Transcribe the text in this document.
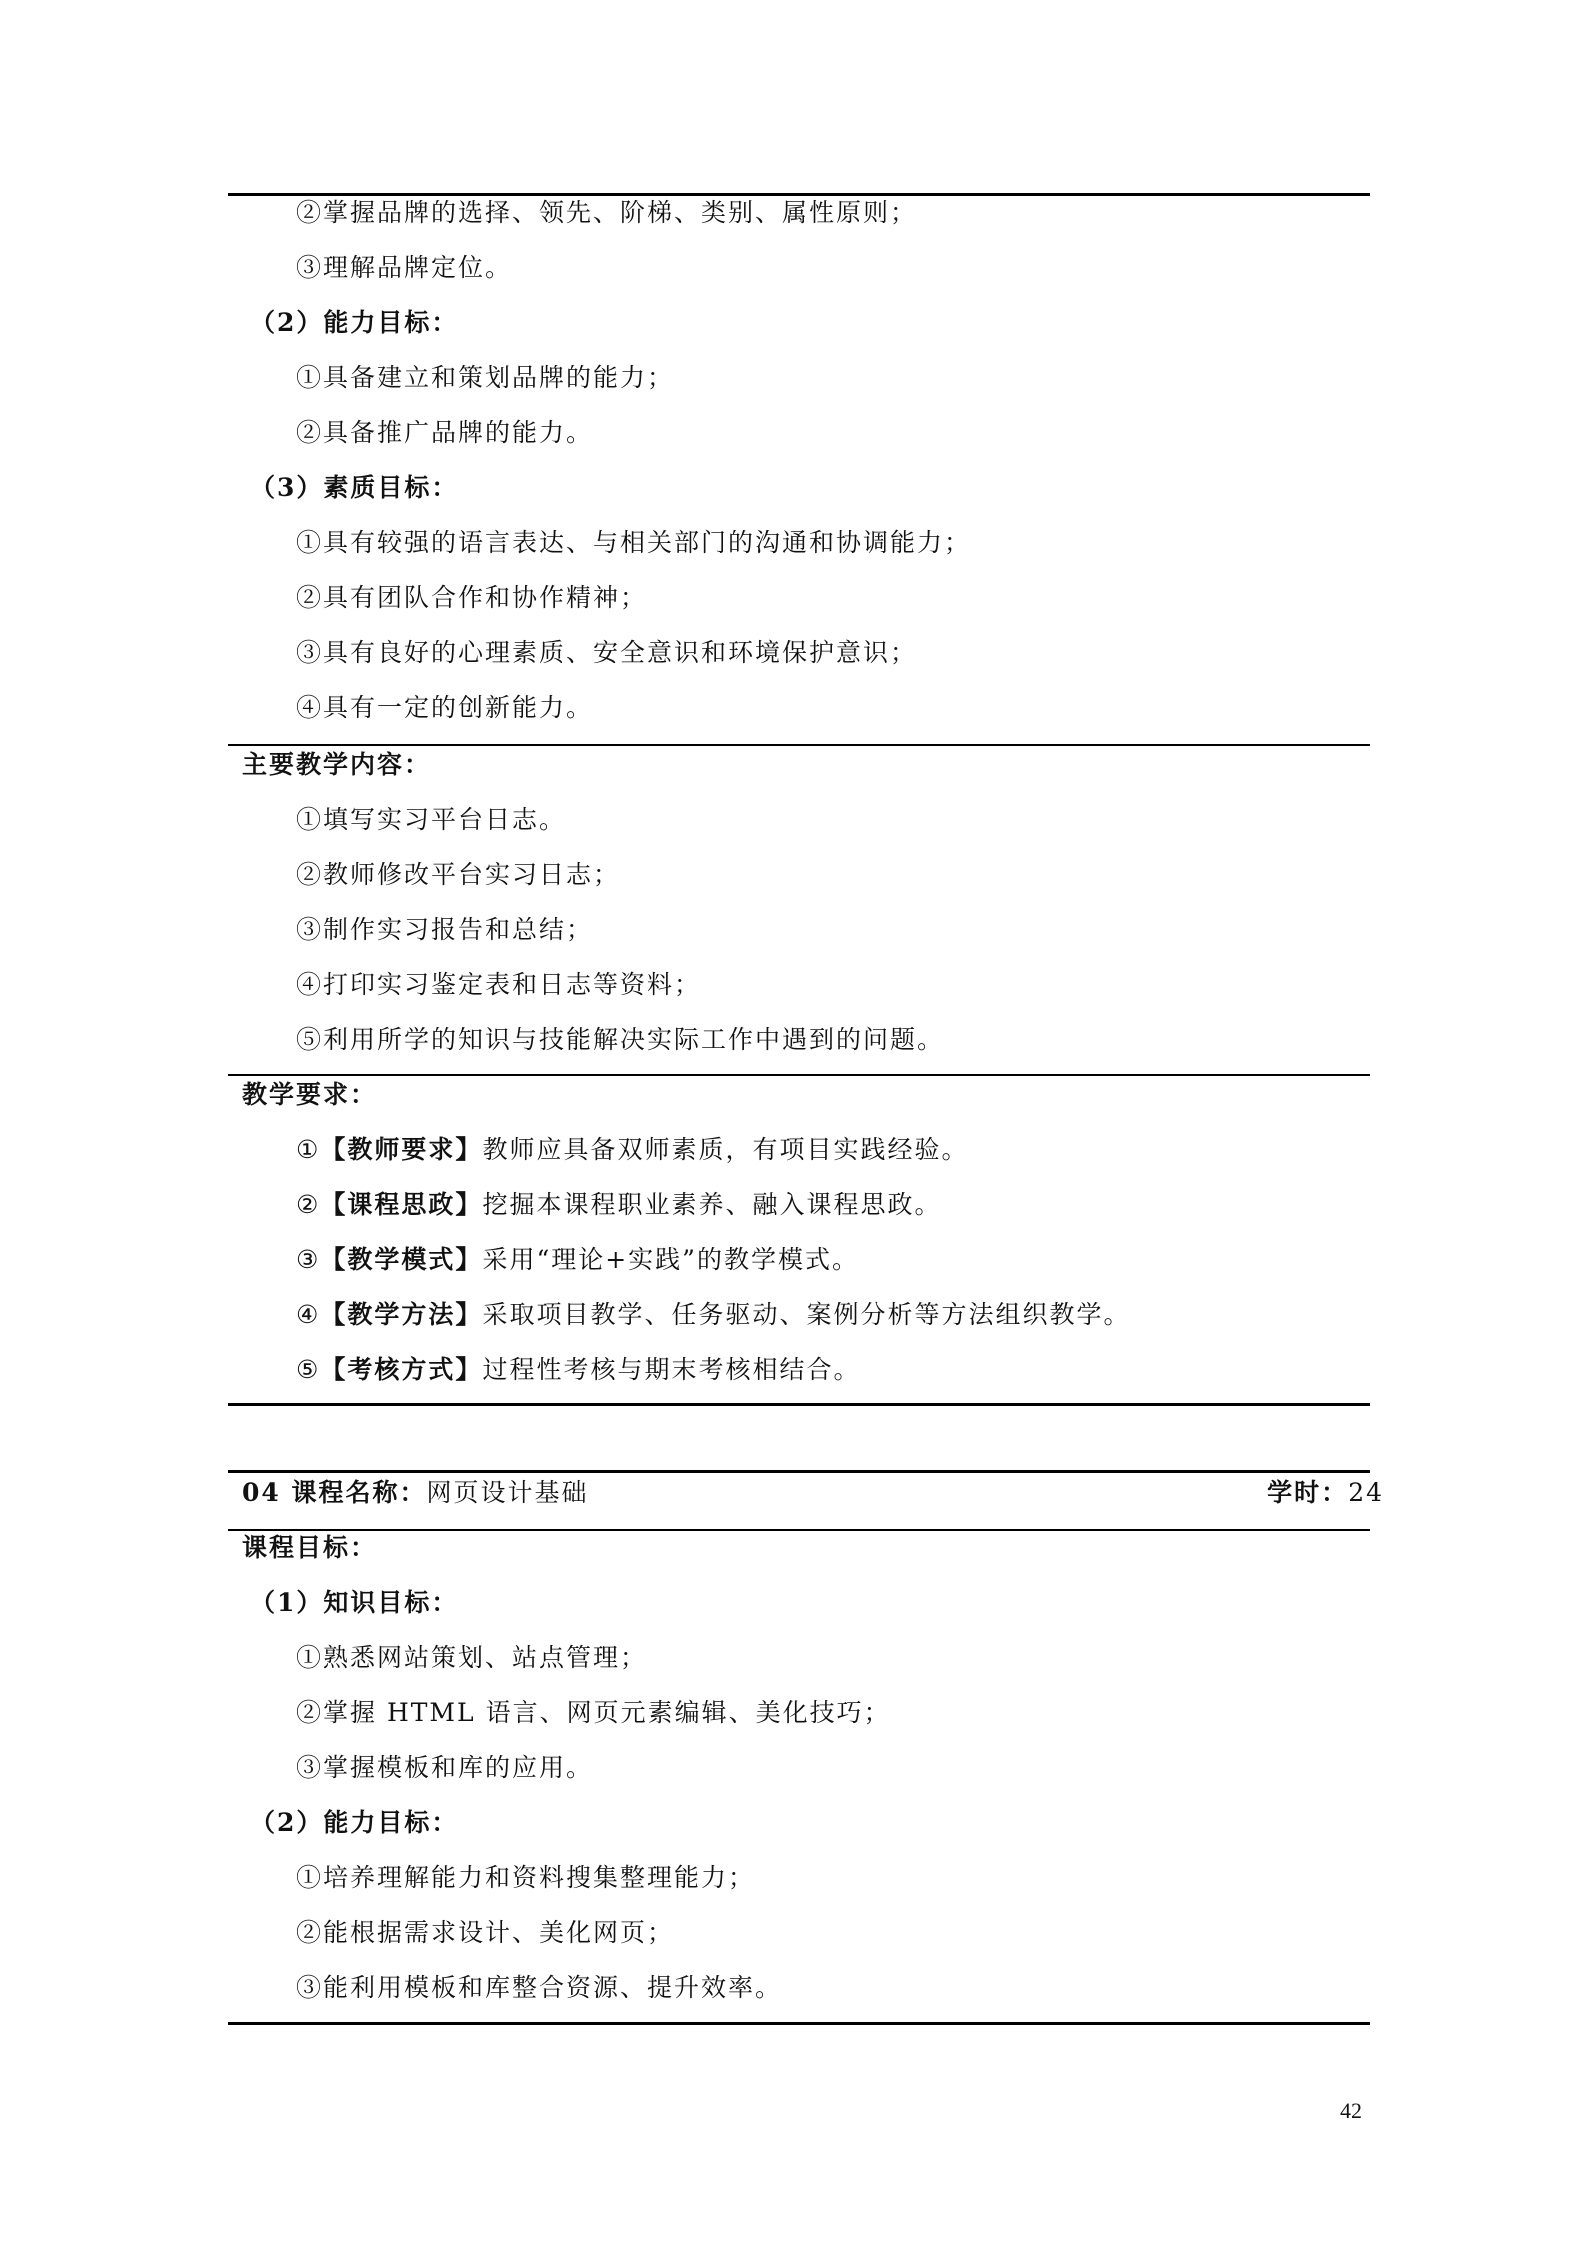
②掌握品牌的选择、领先、阶梯、类别、属性原则；
③理解品牌定位。
（2）能力目标：
①具备建立和策划品牌的能力；
②具备推广品牌的能力。
（3）素质目标：
①具有较强的语言表达、与相关部门的沟通和协调能力；
②具有团队合作和协作精神；
③具有良好的心理素质、安全意识和环境保护意识；
④具有一定的创新能力。
主要教学内容：
①填写实习平台日志。
②教师修改平台实习日志；
③制作实习报告和总结；
④打印实习鉴定表和日志等资料；
⑤利用所学的知识与技能解决实际工作中遇到的问题。
教学要求：
①【教师要求】教师应具备双师素质，有项目实践经验。
②【课程思政】挖掘本课程职业素养、融入课程思政。
③【教学模式】采用“理论+实践”的教学模式。
④【教学方法】采取项目教学、任务驱动、案例分析等方法组织教学。
⑤【考核方式】过程性考核与期末考核相结合。
04 课程名称：网页设计基础	学时：24
课程目标：
（1）知识目标：
①熟悉网站策划、站点管理；
②掌握 HTML 语言、网页元素编辑、美化技巧；
③掌握模板和库的应用。
（2）能力目标：
①培养理解能力和资料搜集整理能力；
②能根据需求设计、美化网页；
③能利用模板和库整合资源、提升效率。
42
